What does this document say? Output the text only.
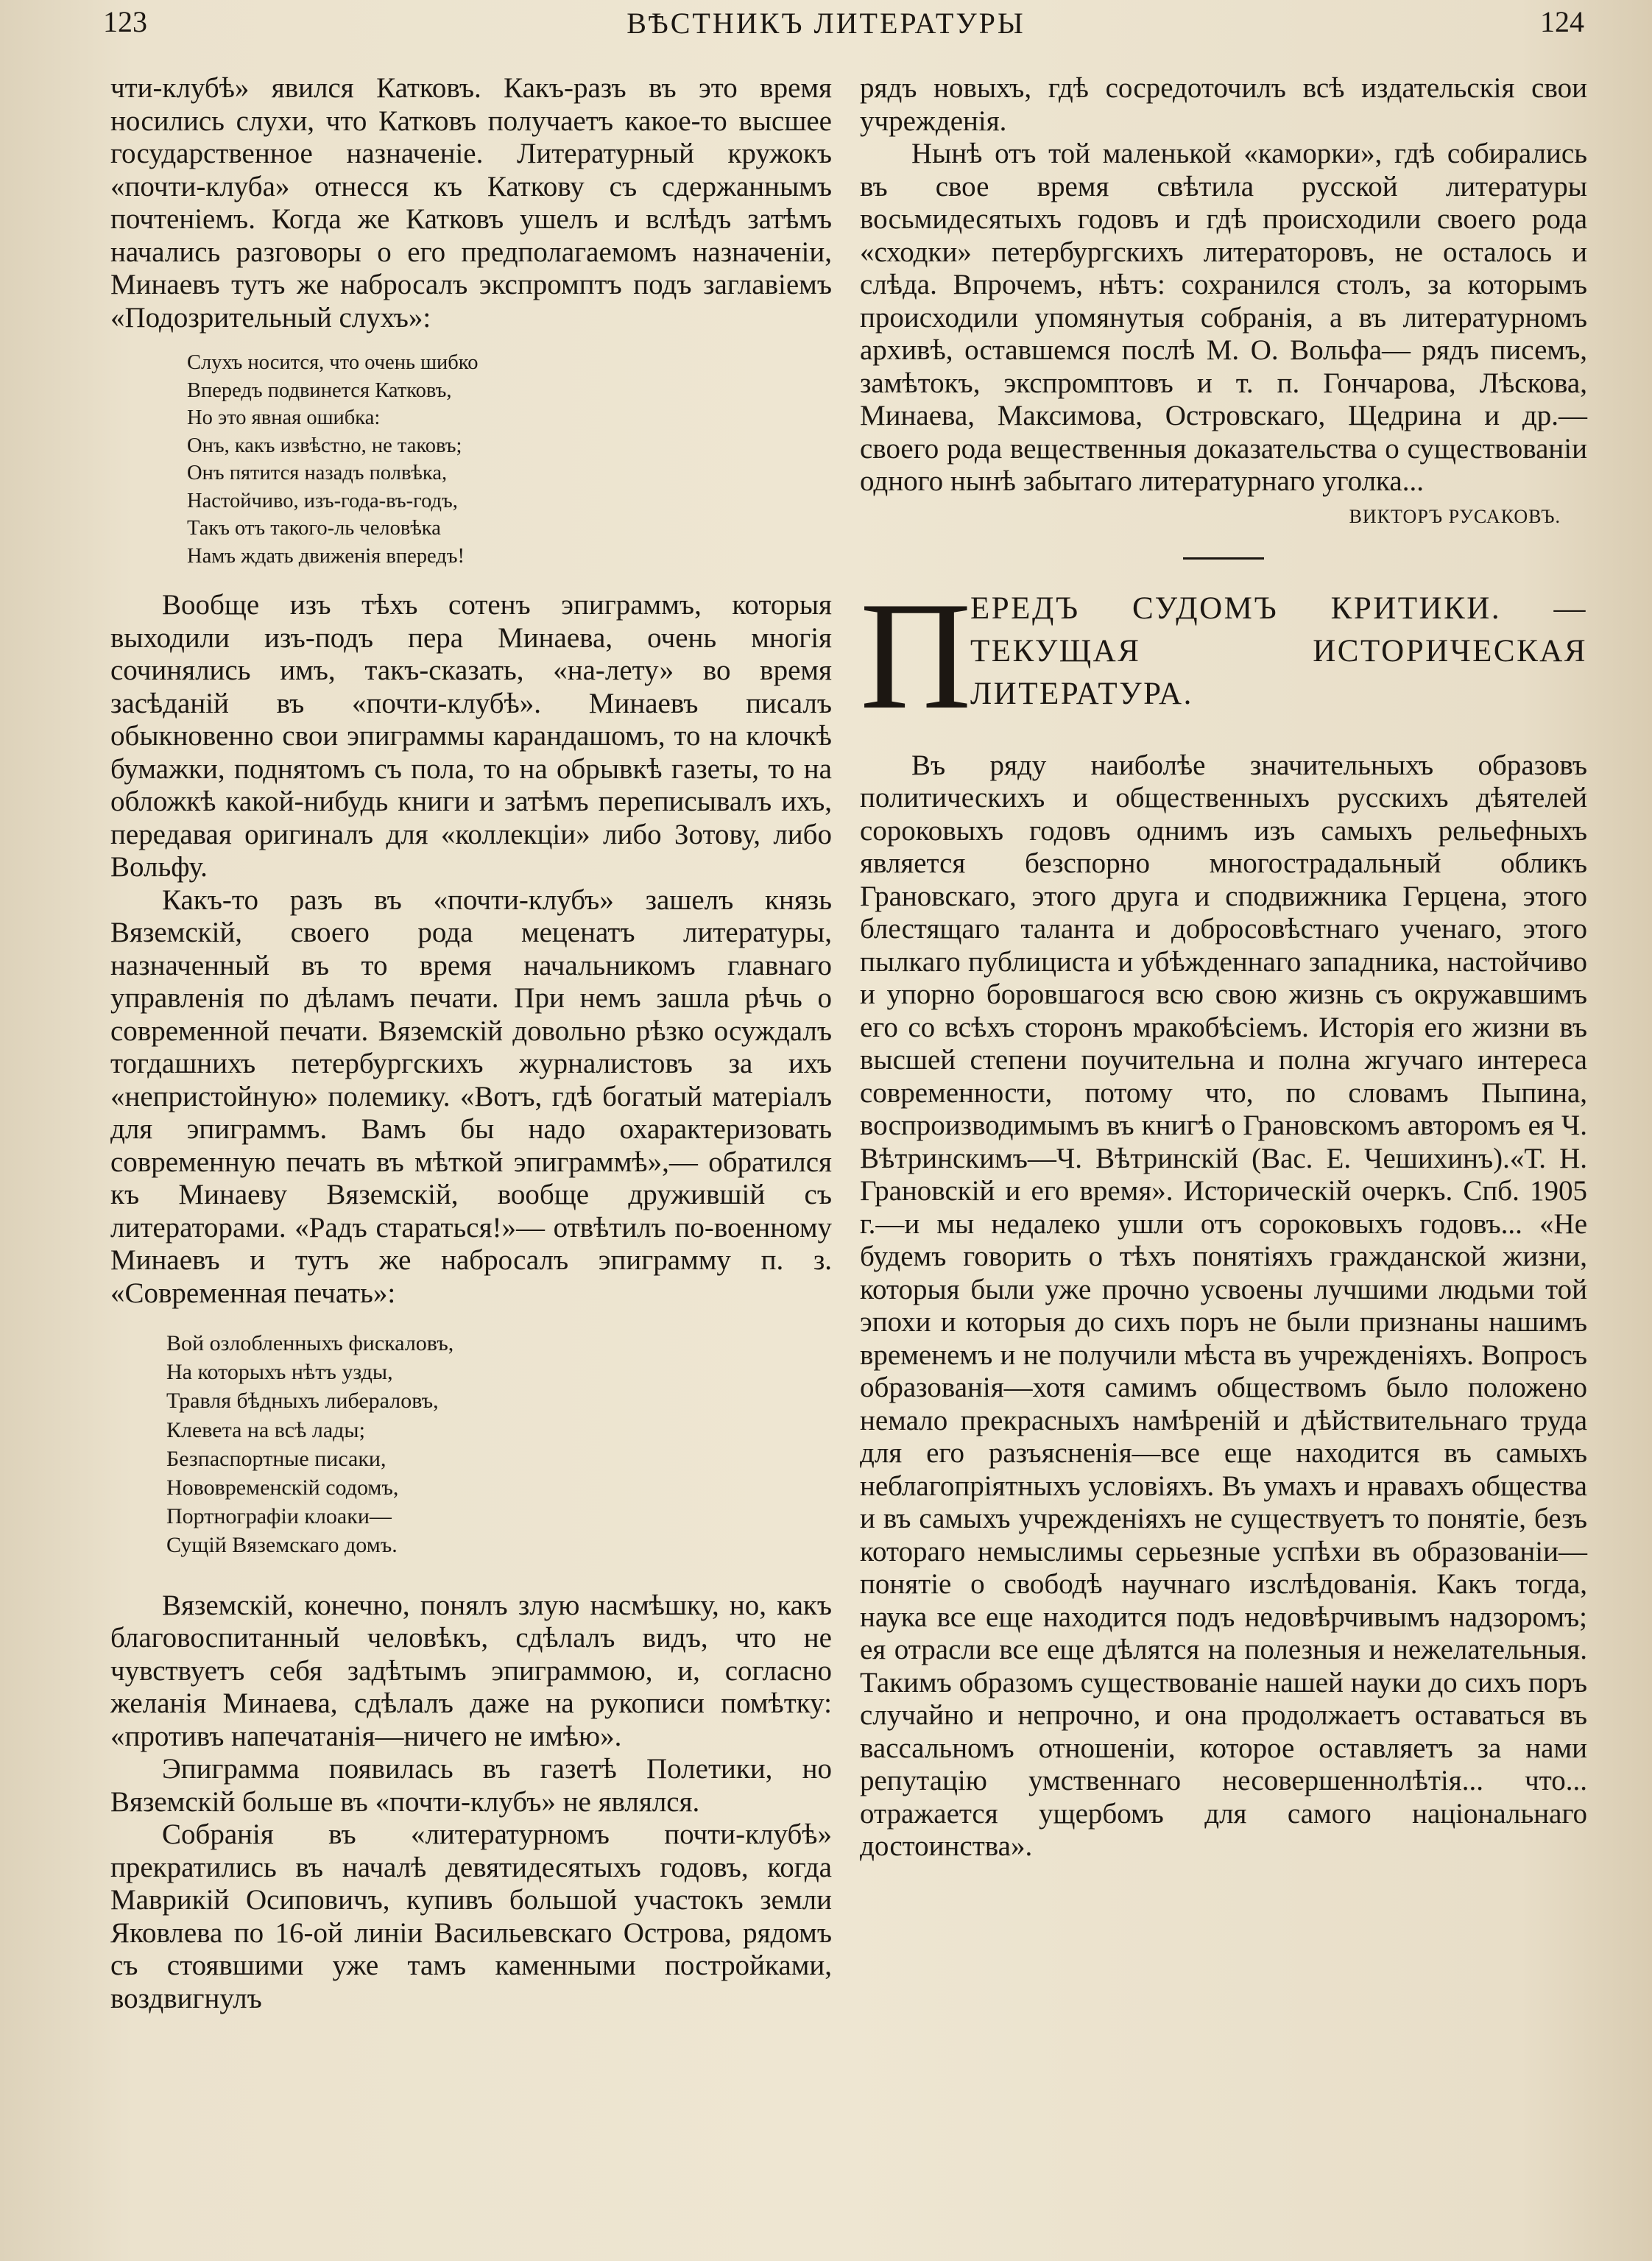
123	ВѢСТНИКЪ ЛИТЕРАТУРЫ	124

чти-клубѣ» явился Катковъ. Какъ-разъ въ это время носились слухи, что Катковъ получаетъ какое-то высшее государственное назначеніе. Литературный кружокъ «почти-клуба» отнесся къ Каткову съ сдержаннымъ почтеніемъ. Когда же Катковъ ушелъ и вслѣдъ затѣмъ начались разговоры о его предполагаемомъ назначеніи, Минаевъ тутъ же набросалъ экспромптъ подъ заглавіемъ «Подозрительный слухъ»:

Слухъ носится, что очень шибко
Впередъ подвинется Катковъ,
Но это явная ошибка:
Онъ, какъ извѣстно, не таковъ;
Онъ пятится назадъ полвѣка,
Настойчиво, изъ-года-въ-годъ,
Такъ отъ такого-ль человѣка
Намъ ждать движенія впередъ!

Вообще изъ тѣхъ сотенъ эпиграммъ, которыя выходили изъ-подъ пера Минаева, очень многія сочинялись имъ, такъ-сказать, «на-лету» во время засѣданій въ «почти-клубѣ». Минаевъ писалъ обыкновенно свои эпиграммы карандашомъ, то на клочкѣ бумажки, поднятомъ съ пола, то на обрывкѣ газеты, то на обложкѣ какой-нибудь книги и затѣмъ переписывалъ ихъ, передавая оригиналъ для «коллекціи» либо Зотову, либо Вольфу.

Какъ-то разъ въ «почти-клубъ» зашелъ князь Вяземскій, своего рода меценатъ литературы, назначенный въ то время начальникомъ главнаго управленія по дѣламъ печати. При немъ зашла рѣчь о современной печати. Вяземскій довольно рѣзко осуждалъ тогдашнихъ петербургскихъ журналистовъ за ихъ «непристойную» полемику. «Вотъ, гдѣ богатый матеріалъ для эпиграммъ. Вамъ бы надо охарактеризовать современную печать въ мѣткой эпиграммѣ»,— обратился къ Минаеву Вяземскій, вообще дружившій съ литераторами. «Радъ стараться!»— отвѣтилъ по-военному Минаевъ и тутъ же набросалъ эпиграмму п. з. «Современная печать»:

Вой озлобленныхъ фискаловъ,
На которыхъ нѣтъ узды,
Травля бѣдныхъ либераловъ,
Клевета на всѣ лады;
Безпаспортные писаки,
Нововременскій содомъ,
Портнографіи клоаки—
Сущій Вяземскаго домъ.

Вяземскій, конечно, понялъ злую насмѣшку, но, какъ благовоспитанный человѣкъ, сдѣлалъ видъ, что не чувствуетъ себя задѣтымъ эпиграммою, и, согласно желанія Минаева, сдѣлалъ даже на рукописи помѣтку: «противъ напечатанія—ничего не имѣю».

Эпиграмма появилась въ газетѣ Полетики, но Вяземскій больше въ «почти-клубъ» не являлся.

Собранія въ «литературномъ почти-клубѣ» прекратились въ началѣ девятидесятыхъ годовъ, когда Маврикій Осиповичъ, купивъ большой участокъ земли Яковлева по 16-ой линіи Васильевскаго Острова, рядомъ съ стоявшими уже тамъ каменными постройками, воздвигнулъ

рядъ новыхъ, гдѣ сосредоточилъ всѣ издательскія свои учрежденія.

Нынѣ отъ той маленькой «каморки», гдѣ собирались въ свое время свѣтила русской литературы восьмидесятыхъ годовъ и гдѣ происходили своего рода «сходки» петербургскихъ литераторовъ, не осталось и слѣда. Впрочемъ, нѣтъ: сохранился столъ, за которымъ происходили упомянутыя собранія, а въ литературномъ архивѣ, оставшемся послѣ М. О. Вольфа— рядъ писемъ, замѣтокъ, экспромптовъ и т. п. Гончарова, Лѣскова, Минаева, Максимова, Островскаго, Щедрина и др.—своего рода вещественныя доказательства о существованіи одного нынѣ забытаго литературнаго уголка...

ВИКТОРЪ РУСАКОВЪ.
П
ЕРЕДЪ СУДОМЪ КРИТИКИ. —
ТЕКУЩАЯ ИСТОРИЧЕСКАЯ
ЛИТЕРАТУРА.

Въ ряду наиболѣе значительныхъ образовъ политическихъ и общественныхъ русскихъ дѣятелей сороковыхъ годовъ однимъ изъ самыхъ рельефныхъ является безспорно многострадальный обликъ Грановскаго, этого друга и сподвижника Герцена, этого блестящаго таланта и добросовѣстнаго ученаго, этого пылкаго публициста и убѣжденнаго западника, настойчиво и упорно боровшагося всю свою жизнь съ окружавшимъ его со всѣхъ сторонъ мракобѣсіемъ. Исторія его жизни въ высшей степени поучительна и полна жгучаго интереса современности, потому что, по словамъ Пыпина, воспроизводимымъ въ книгѣ о Грановскомъ авторомъ ея Ч. Вѣтринскимъ—Ч. Вѣтринскій (Вас. Е. Чешихинъ).«Т. Н. Грановскій и его время». Историческій очеркъ. Спб. 1905 г.—и мы недалеко ушли отъ сороковыхъ годовъ... «Не будемъ говорить о тѣхъ понятіяхъ гражданской жизни, которыя были уже прочно усвоены лучшими людьми той эпохи и которыя до сихъ поръ не были признаны нашимъ временемъ и не получили мѣста въ учрежденіяхъ. Вопросъ образованія—хотя самимъ обществомъ было положено немало прекрасныхъ намѣреній и дѣйствительнаго труда для его разъясненія—все еще находится въ самыхъ неблагопріятныхъ условіяхъ. Въ умахъ и нравахъ общества и въ самыхъ учрежденіяхъ не существуетъ то понятіе, безъ котораго немыслимы серьезные успѣхи въ образованіи—понятіе о свободѣ научнаго изслѣдованія. Какъ тогда, наука все еще находится подъ недовѣрчивымъ надзоромъ; ея отрасли все еще дѣлятся на полезныя и нежелательныя. Такимъ образомъ существованіе нашей науки до сихъ поръ случайно и непрочно, и она продолжаетъ оставаться въ вассальномъ отношеніи, которое оставляетъ за нами репутацію умственнаго несовершеннолѣтія... что... отражается ущербомъ для самого національнаго достоинства».
